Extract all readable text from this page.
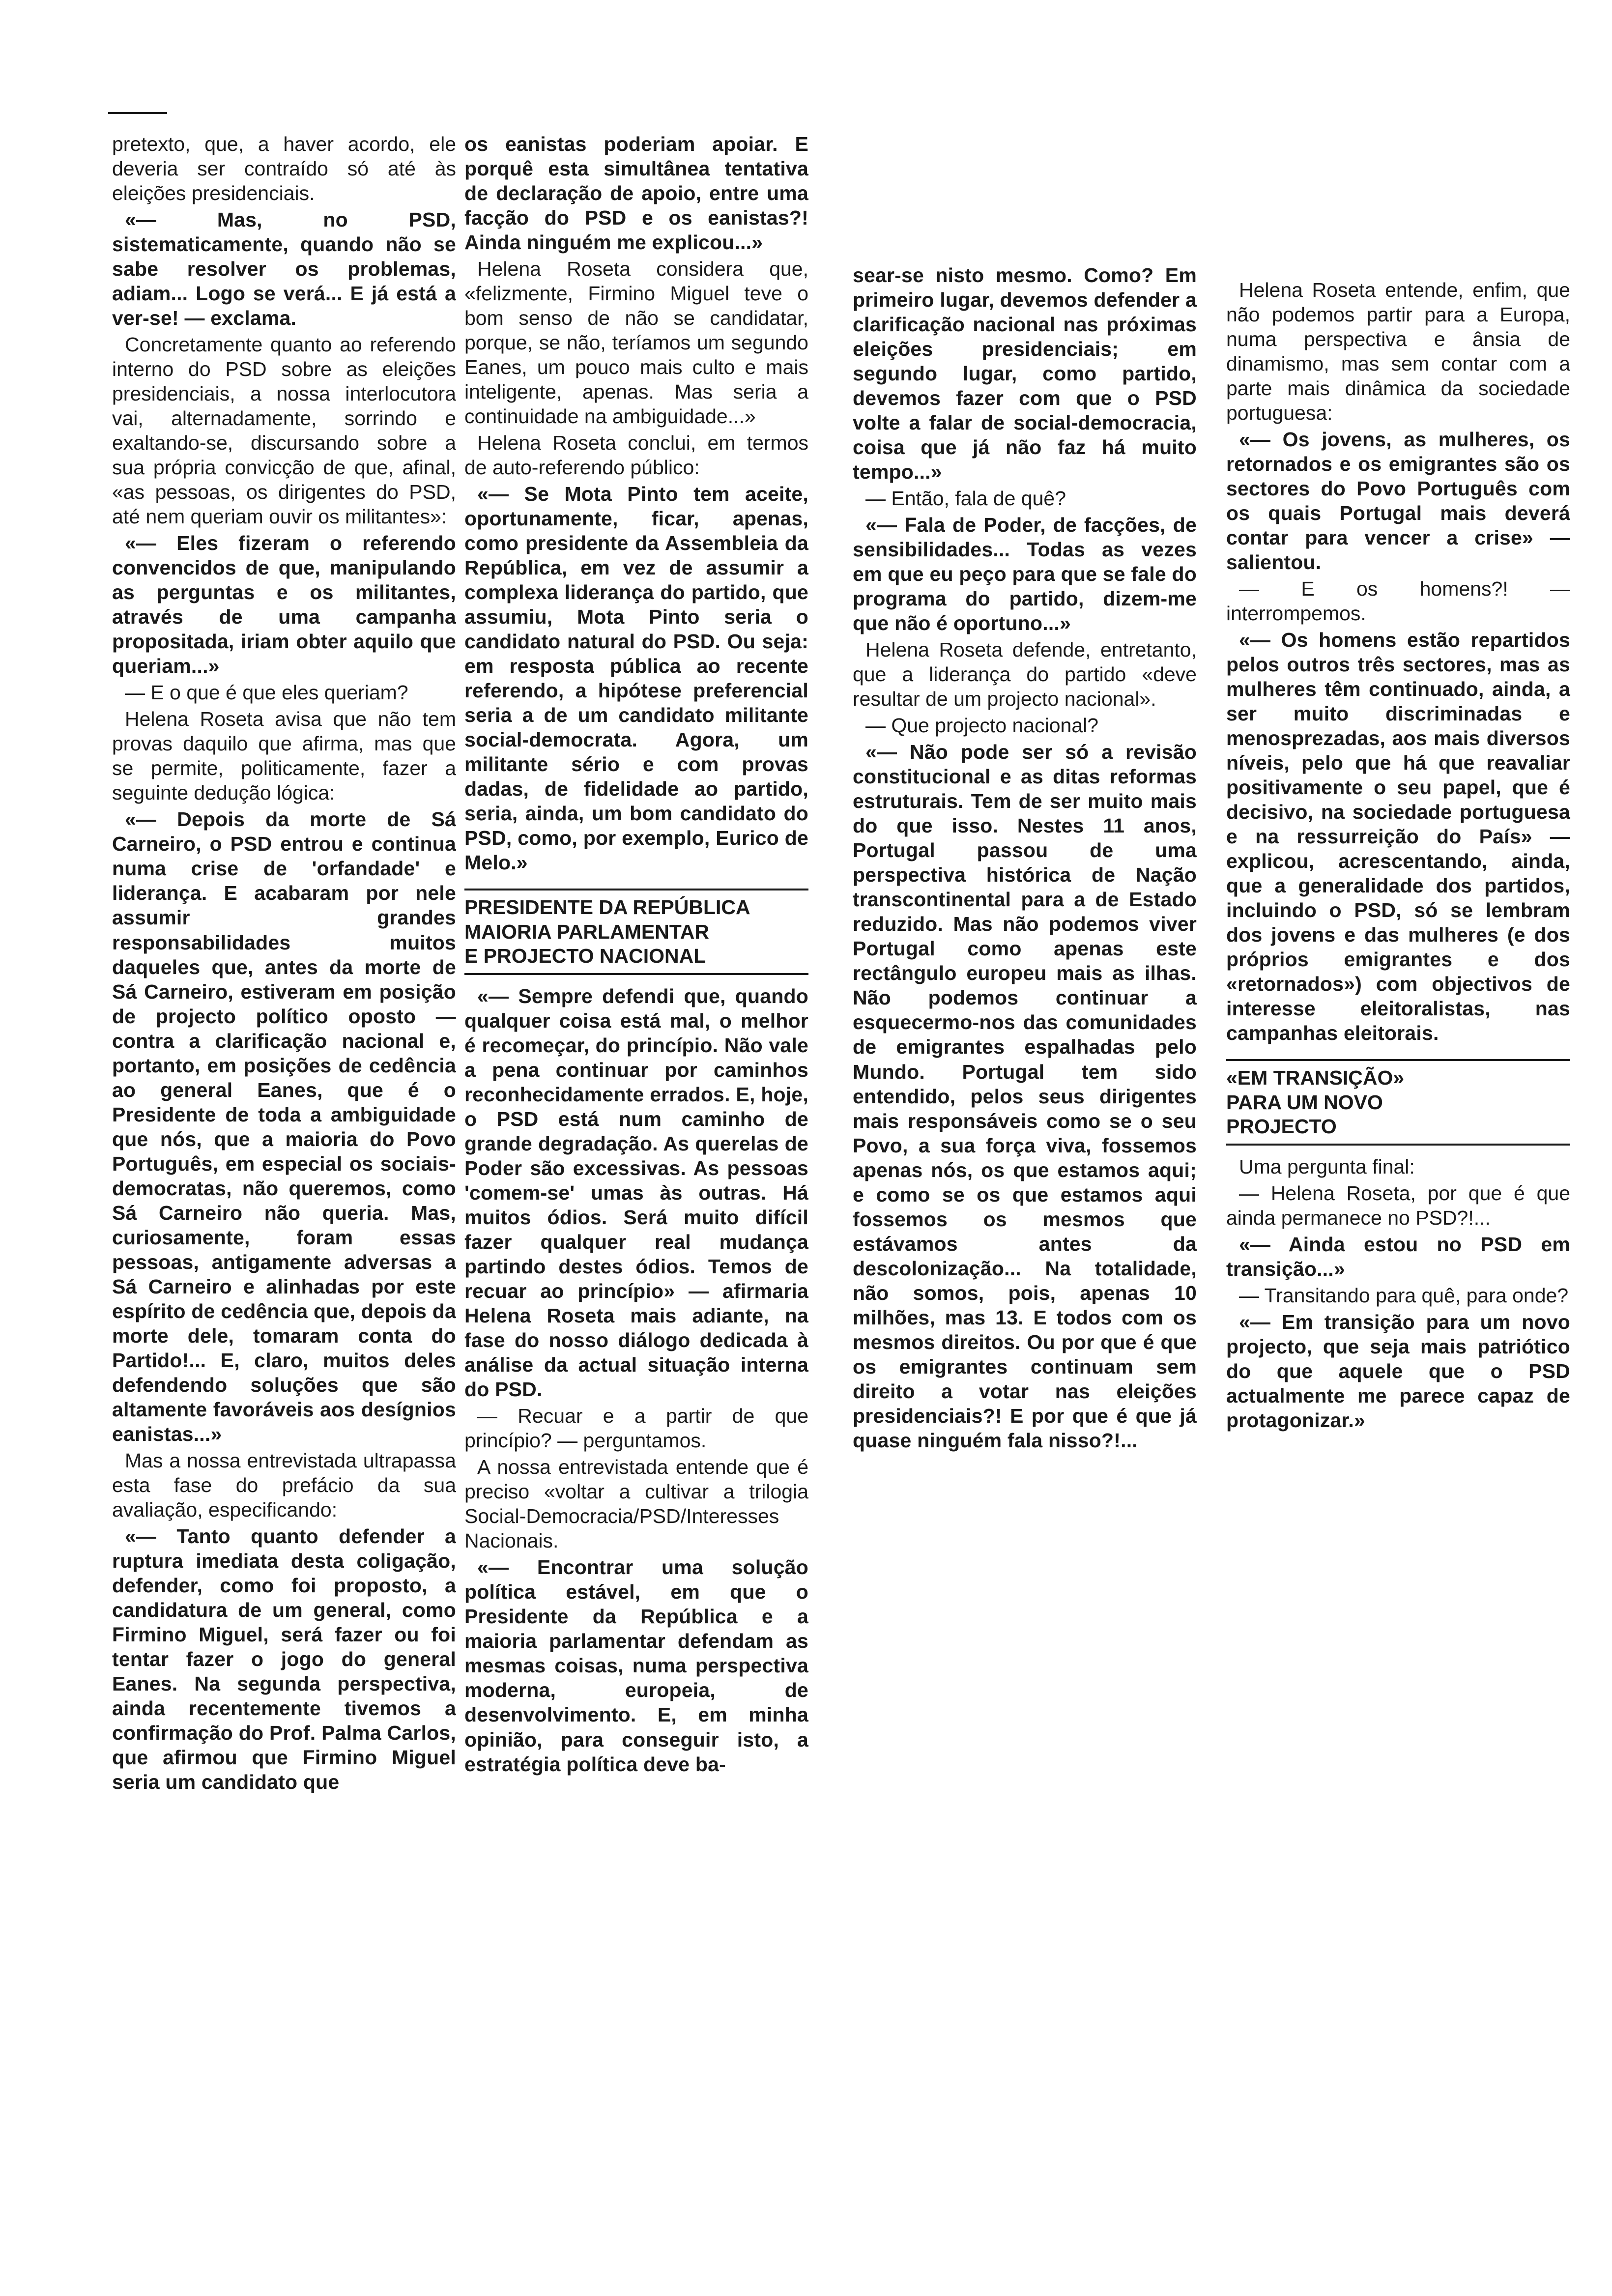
pretexto, que, a haver acordo, ele deveria ser contraído só até às eleições presidenciais.

«— Mas, no PSD, sistematicamente, quando não se sabe resolver os problemas, adiam... Logo se verá... E já está a ver-se! — exclama.

Concretamente quanto ao referendo interno do PSD sobre as eleições presidenciais, a nossa interlocutora vai, alternadamente, sorrindo e exaltando-se, discursando sobre a sua própria convicção de que, afinal, «as pessoas, os dirigentes do PSD, até nem queriam ouvir os militantes»:

«— Eles fizeram o referendo convencidos de que, manipulando as perguntas e os militantes, através de uma campanha propositada, iriam obter aquilo que queriam...»

— E o que é que eles queriam?

Helena Roseta avisa que não tem provas daquilo que afirma, mas que se permite, politicamente, fazer a seguinte dedução lógica:

«— Depois da morte de Sá Carneiro, o PSD entrou e continua numa crise de 'orfandade' e liderança. E acabaram por nele assumir grandes responsabilidades muitos daqueles que, antes da morte de Sá Carneiro, estiveram em posição de projecto político oposto — contra a clarificação nacional e, portanto, em posições de cedência ao general Eanes, que é o Presidente de toda a ambiguidade que nós, que a maioria do Povo Português, em especial os sociais-democratas, não queremos, como Sá Carneiro não queria. Mas, curiosamente, foram essas pessoas, antigamente adversas a Sá Carneiro e alinhadas por este espírito de cedência que, depois da morte dele, tomaram conta do Partido!... E, claro, muitos deles defendendo soluções que são altamente favoráveis aos desígnios eanistas...»

Mas a nossa entrevistada ultrapassa esta fase do prefácio da sua avaliação, especificando:

«— Tanto quanto defender a ruptura imediata desta coligação, defender, como foi proposto, a candidatura de um general, como Firmino Miguel, será fazer ou foi tentar fazer o jogo do general Eanes. Na segunda perspectiva, ainda recentemente tivemos a confirmação do Prof. Palma Carlos, que afirmou que Firmino Miguel seria um candidato que

os eanistas poderiam apoiar. E porquê esta simultânea tentativa de declaração de apoio, entre uma facção do PSD e os eanistas?! Ainda ninguém me explicou...»

Helena Roseta considera que, «felizmente, Firmino Miguel teve o bom senso de não se candidatar, porque, se não, teríamos um segundo Eanes, um pouco mais culto e mais inteligente, apenas. Mas seria a continuidade na ambiguidade...»

Helena Roseta conclui, em termos de auto-referendo público:

«— Se Mota Pinto tem aceite, oportunamente, ficar, apenas, como presidente da Assembleia da República, em vez de assumir a complexa liderança do partido, que assumiu, Mota Pinto seria o candidato natural do PSD. Ou seja: em resposta pública ao recente referendo, a hipótese preferencial seria a de um candidato militante social-democrata. Agora, um militante sério e com provas dadas, de fidelidade ao partido, seria, ainda, um bom candidato do PSD, como, por exemplo, Eurico de Melo.»

PRESIDENTE DA REPÚBLICA
MAIORIA PARLAMENTAR
E PROJECTO NACIONAL

«— Sempre defendi que, quando qualquer coisa está mal, o melhor é recomeçar, do princípio. Não vale a pena continuar por caminhos reconhecidamente errados. E, hoje, o PSD está num caminho de grande degradação. As querelas de Poder são excessivas. As pessoas 'comem-se' umas às outras. Há muitos ódios. Será muito difícil fazer qualquer real mudança partindo destes ódios. Temos de recuar ao princípio» — afirmaria Helena Roseta mais adiante, na fase do nosso diálogo dedicada à análise da actual situação interna do PSD.

— Recuar e a partir de que princípio? — perguntamos.

A nossa entrevistada entende que é preciso «voltar a cultivar a trilogia Social-Democracia/PSD/Interesses Nacionais.

«— Encontrar uma solução política estável, em que o Presidente da República e a maioria parlamentar defendam as mesmas coisas, numa perspectiva moderna, europeia, de desenvolvimento. E, em minha opinião, para conseguir isto, a estratégia política deve ba-

sear-se nisto mesmo. Como? Em primeiro lugar, devemos defender a clarificação nacional nas próximas eleições presidenciais; em segundo lugar, como partido, devemos fazer com que o PSD volte a falar de social-democracia, coisa que já não faz há muito tempo...»

— Então, fala de quê?

«— Fala de Poder, de facções, de sensibilidades... Todas as vezes em que eu peço para que se fale do programa do partido, dizem-me que não é oportuno...»

Helena Roseta defende, entretanto, que a liderança do partido «deve resultar de um projecto nacional».

— Que projecto nacional?

«— Não pode ser só a revisão constitucional e as ditas reformas estruturais. Tem de ser muito mais do que isso. Nestes 11 anos, Portugal passou de uma perspectiva histórica de Nação transcontinental para a de Estado reduzido. Mas não podemos viver Portugal como apenas este rectângulo europeu mais as ilhas. Não podemos continuar a esquecermo-nos das comunidades de emigrantes espalhadas pelo Mundo. Portugal tem sido entendido, pelos seus dirigentes mais responsáveis como se o seu Povo, a sua força viva, fossemos apenas nós, os que estamos aqui; e como se os que estamos aqui fossemos os mesmos que estávamos antes da descolonização... Na totalidade, não somos, pois, apenas 10 milhões, mas 13. E todos com os mesmos direitos. Ou por que é que os emigrantes continuam sem direito a votar nas eleições presidenciais?! E por que é que já quase ninguém fala nisso?!...

Helena Roseta entende, enfim, que não podemos partir para a Europa, numa perspectiva e ânsia de dinamismo, mas sem contar com a parte mais dinâmica da sociedade portuguesa:

«— Os jovens, as mulheres, os retornados e os emigrantes são os sectores do Povo Português com os quais Portugal mais deverá contar para vencer a crise» — salientou.

— E os homens?! — interrompemos.

«— Os homens estão repartidos pelos outros três sectores, mas as mulheres têm continuado, ainda, a ser muito discriminadas e menosprezadas, aos mais diversos níveis, pelo que há que reavaliar positivamente o seu papel, que é decisivo, na sociedade portuguesa e na ressurreição do País» — explicou, acrescentando, ainda, que a generalidade dos partidos, incluindo o PSD, só se lembram dos jovens e das mulheres (e dos próprios emigrantes e dos «retornados») com objectivos de interesse eleitoralistas, nas campanhas eleitorais.

«EM TRANSIÇÃO»
PARA UM NOVO
PROJECTO

Uma pergunta final:

— Helena Roseta, por que é que ainda permanece no PSD?!...

«— Ainda estou no PSD em transição...»

— Transitando para quê, para onde?

«— Em transição para um novo projecto, que seja mais patriótico do que aquele que o PSD actualmente me parece capaz de protagonizar.»
